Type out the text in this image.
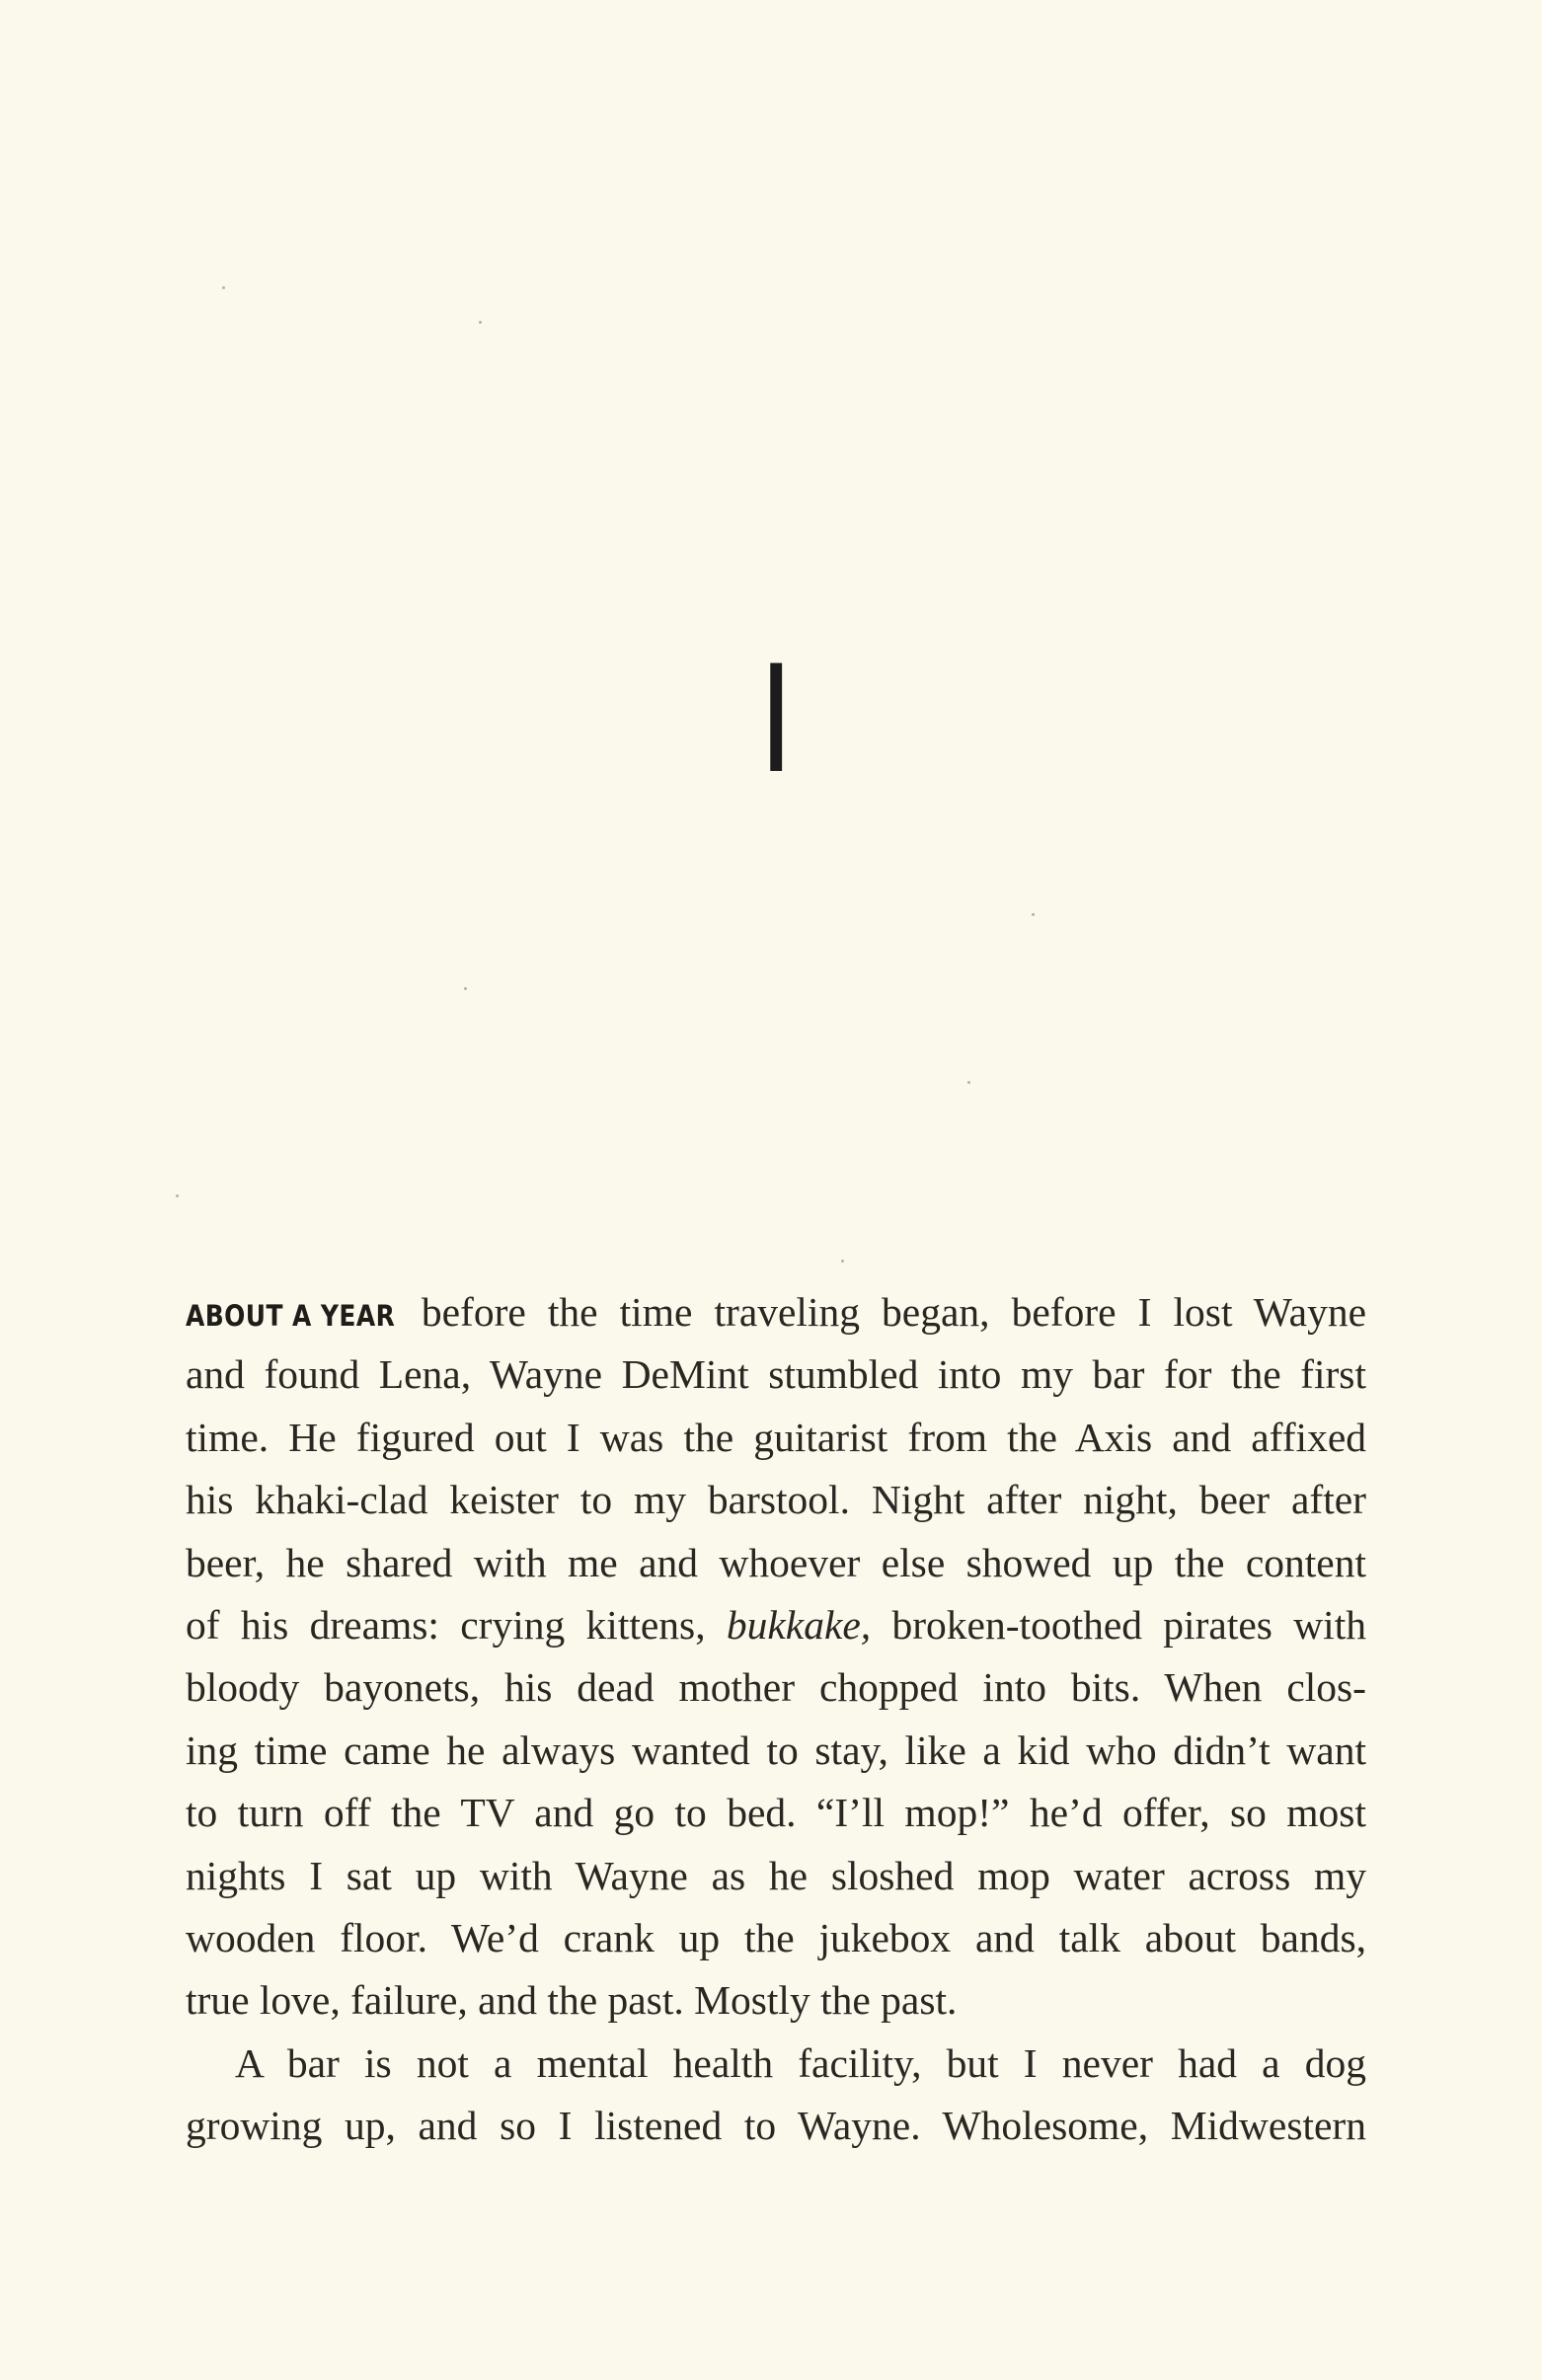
I
ABOUT A YEAR before the time traveling began, before I lost Wayne
and found Lena, Wayne DeMint stumbled into my bar for the first
time. He figured out I was the guitarist from the Axis and affixed
his khaki-clad keister to my barstool. Night after night, beer after
beer, he shared with me and whoever else showed up the content
of his dreams: crying kittens, bukkake, broken-toothed pirates with
bloody bayonets, his dead mother chopped into bits. When clos-
ing time came he always wanted to stay, like a kid who didn’t want
to turn off the TV and go to bed. “I’ll mop!” he’d offer, so most
nights I sat up with Wayne as he sloshed mop water across my
wooden floor. We’d crank up the jukebox and talk about bands,
true love, failure, and the past. Mostly the past.
A bar is not a mental health facility, but I never had a dog
growing up, and so I listened to Wayne. Wholesome, Midwestern
